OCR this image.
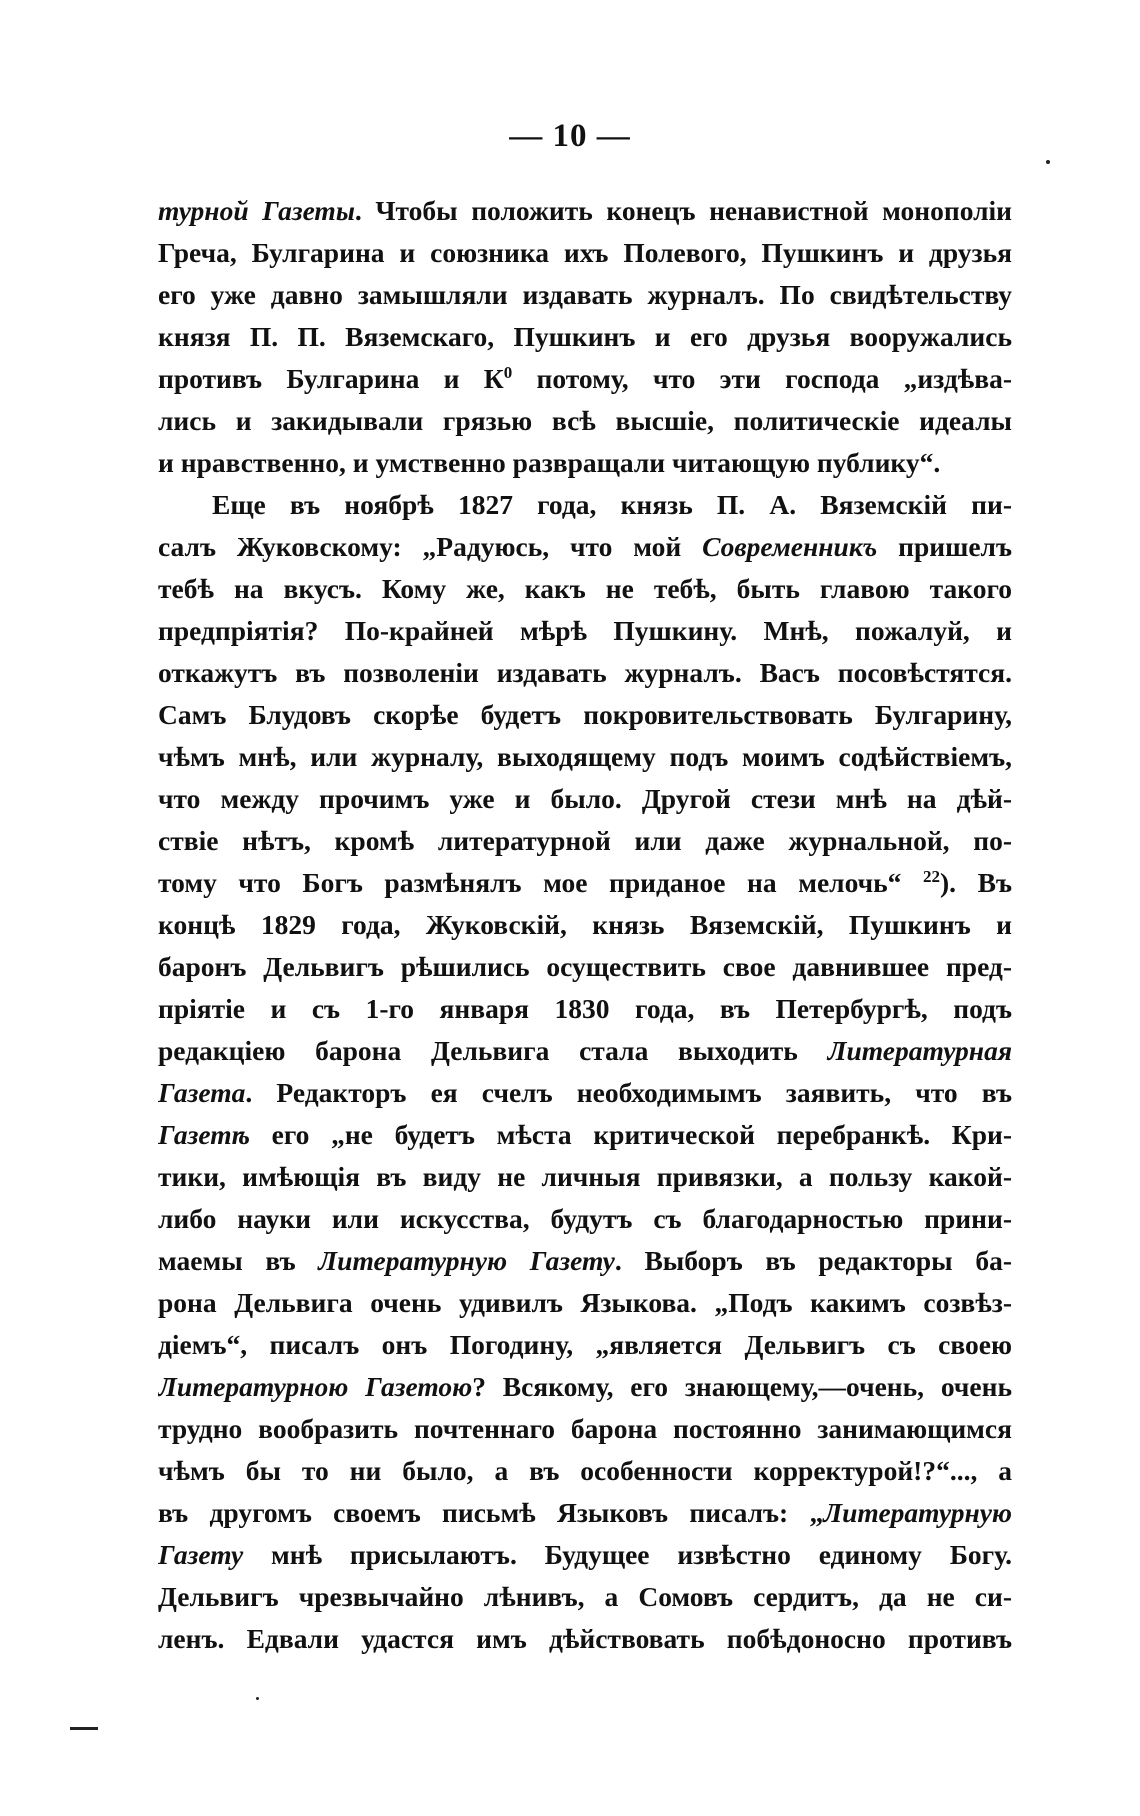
— 10 —
турной Газеты. Чтобы положить конецъ ненавистной монополіи
Греча, Булгарина и союзника ихъ Полевого, Пушкинъ и друзья
его уже давно замышляли издавать журналъ. По свидѣтельству
князя П. П. Вяземскаго, Пушкинъ и его друзья вооружались
противъ Булгарина и $К^0$ потому, что эти господа „издѣва-
лись и закидывали грязью всѣ высшіе, политическіе идеалы
и нравственно, и умственно развращали читающую публику“.
Еще въ ноябрѣ 1827 года, князь П. А. Вяземскій пи-
салъ Жуковскому: „Радуюсь, что мой Современникъ пришелъ
тебѣ на вкусъ. Кому же, какъ не тебѣ, быть главою такого
предпріятія? По-крайней мѣрѣ Пушкину. Мнѣ, пожалуй, и
откажутъ въ позволеніи издавать журналъ. Васъ посовѣстятся.
Самъ Блудовъ скорѣе будетъ покровительствовать Булгарину,
чѣмъ мнѣ, или журналу, выходящему подъ моимъ содѣйствіемъ,
что между прочимъ уже и было. Другой стези мнѣ на дѣй-
ствіе нѣтъ, кромѣ литературной или даже журнальной, по-
тому что Богъ размѣнялъ мое приданое на мелочь“ $^{22}$). Въ
концѣ 1829 года, Жуковскій, князь Вяземскій, Пушкинъ и
баронъ Дельвигъ рѣшились осуществить свое давнившее пред-
пріятіе и съ 1-го января 1830 года, въ Петербургѣ, подъ
редакціею барона Дельвига стала выходить Литературная
Газета. Редакторъ ея счелъ необходимымъ заявить, что въ
Газетѣ его „не будетъ мѣста критической перебранкѣ. Кри-
тики, имѣющія въ виду не личныя привязки, а пользу какой-
либо науки или искусства, будутъ съ благодарностью прини-
маемы въ Литературную Газету. Выборъ въ редакторы ба-
рона Дельвига очень удивилъ Языкова. „Подъ какимъ созвѣз-
діемъ“, писалъ онъ Погодину, „является Дельвигъ съ своею
Литературною Газетою? Всякому, его знающему,—очень, очень
трудно вообразить почтеннаго барона постоянно занимающимся
чѣмъ бы то ни было, а въ особенности корректурой!?“..., а
въ другомъ своемъ письмѣ Языковъ писалъ: „Литературную
Газету мнѣ присылаютъ. Будущее извѣстно единому Богу.
Дельвигъ чрезвычайно лѣнивъ, а Сомовъ сердитъ, да не си-
ленъ. Едвали удастся имъ дѣйствовать побѣдоносно противъ
